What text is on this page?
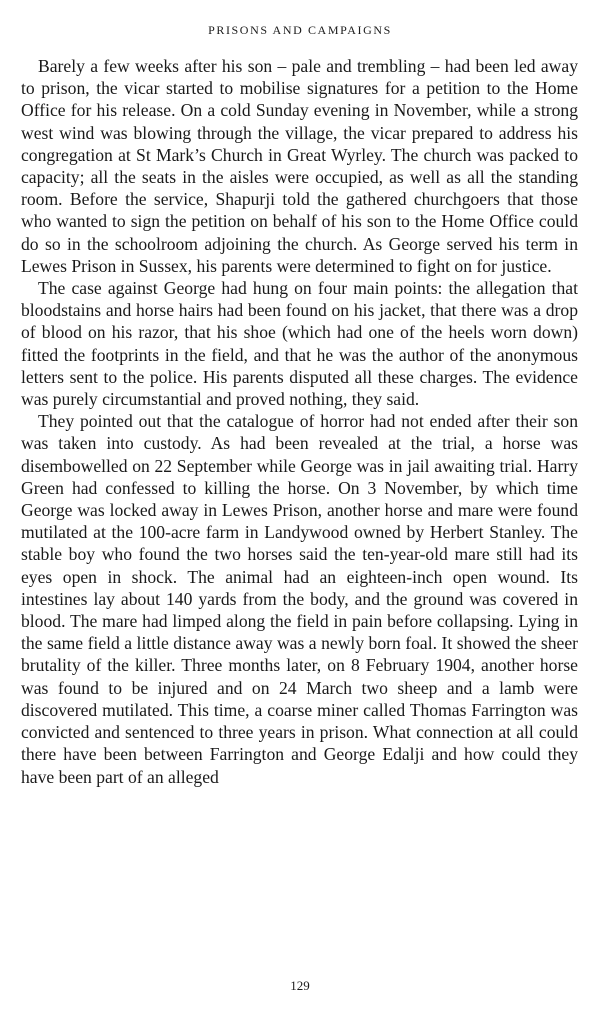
PRISONS AND CAMPAIGNS

Barely a few weeks after his son – pale and trembling – had been led away to prison, the vicar started to mobilise signatures for a petition to the Home Office for his release. On a cold Sunday evening in November, while a strong west wind was blowing through the village, the vicar prepared to address his congregation at St Mark’s Church in Great Wyrley. The church was packed to capacity; all the seats in the aisles were occupied, as well as all the standing room. Before the service, Shapurji told the gathered churchgoers that those who wanted to sign the petition on behalf of his son to the Home Office could do so in the schoolroom adjoining the church. As George served his term in Lewes Prison in Sussex, his parents were determined to fight on for justice.

The case against George had hung on four main points: the allegation that bloodstains and horse hairs had been found on his jacket, that there was a drop of blood on his razor, that his shoe (which had one of the heels worn down) fitted the footprints in the field, and that he was the author of the anonymous letters sent to the police. His parents disputed all these charges. The evidence was purely circumstantial and proved nothing, they said.

They pointed out that the catalogue of horror had not ended after their son was taken into custody. As had been revealed at the trial, a horse was disembowelled on 22 September while George was in jail awaiting trial. Harry Green had confessed to killing the horse. On 3 November, by which time George was locked away in Lewes Prison, another horse and mare were found mutilated at the 100-acre farm in Landywood owned by Herbert Stanley. The stable boy who found the two horses said the ten-year-old mare still had its eyes open in shock. The animal had an eighteen-inch open wound. Its intestines lay about 140 yards from the body, and the ground was covered in blood. The mare had limped along the field in pain before collapsing. Lying in the same field a little distance away was a newly born foal. It showed the sheer brutality of the killer. Three months later, on 8 February 1904, another horse was found to be injured and on 24 March two sheep and a lamb were discovered mutilated. This time, a coarse miner called Thomas Farrington was convicted and sentenced to three years in prison. What connection at all could there have been between Farrington and George Edalji and how could they have been part of an alleged

129
